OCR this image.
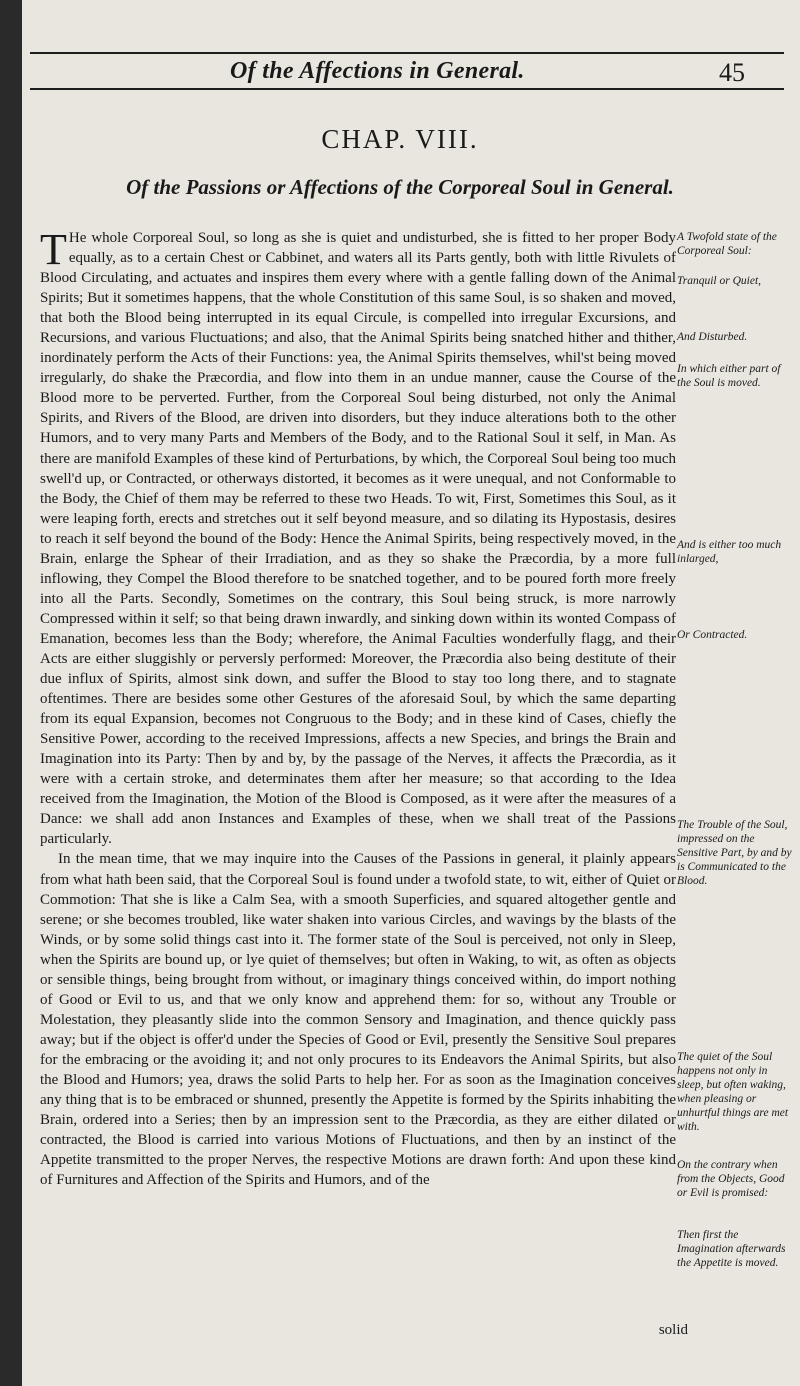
Of the Affections in General.	45
CHAP. VIII.
Of the Passions or Affections of the Corporeal Soul in General.

T He whole Corporeal Soul, so long as she is quiet and undisturbed, she is fitted to her proper Body equally, as to a certain Chest or Cabbinet, and waters all its Parts gently, both with little Rivulets of Blood Circulating, and actuates and inspires them every where with a gentle falling down of the Animal Spirits; But it sometimes happens, that the whole Constitution of this same Soul, is so shaken and moved, that both the Blood being interrupted in its equal Circule, is compelled into irregular Excursions, and Recursions, and various Fluctuations; and also, that the Animal Spirits being snatched hither and thither, inordinately perform the Acts of their Functions: yea, the Animal Spirits themselves, whil'st being moved irregularly, do shake the Præcordia, and flow into them in an undue manner, cause the Course of the Blood more to be perverted. Further, from the Corporeal Soul being disturbed, not only the Animal Spirits, and Rivers of the Blood, are driven into disorders, but they induce alterations both to the other Humors, and to very many Parts and Members of the Body, and to the Rational Soul it self, in Man. As there are manifold Examples of these kind of Perturbations, by which, the Corporeal Soul being too much swell'd up, or Contracted, or otherways distorted, it becomes as it were unequal, and not Conformable to the Body, the Chief of them may be referred to these two Heads. To wit, First, Sometimes this Soul, as it were leaping forth, erects and stretches out it self beyond measure, and so dilating its Hypostasis, desires to reach it self beyond the bound of the Body: Hence the Animal Spirits, being respectively moved, in the Brain, enlarge the Sphear of their Irradiation, and as they so shake the Præcordia, by a more full inflowing, they Compel the Blood therefore to be snatched together, and to be poured forth more freely into all the Parts. Secondly, Sometimes on the contrary, this Soul being struck, is more narrowly Compressed within it self; so that being drawn inwardly, and sinking down within its wonted Compass of Emanation, becomes less than the Body; wherefore, the Animal Faculties wonderfully flagg, and their Acts are either sluggishly or perversly performed: Moreover, the Præcordia also being destitute of their due influx of Spirits, almost sink down, and suffer the Blood to stay too long there, and to stagnate oftentimes. There are besides some other Gestures of the aforesaid Soul, by which the same departing from its equal Expansion, becomes not Congruous to the Body; and in these kind of Cases, chiefly the Sensitive Power, according to the received Impressions, affects a new Species, and brings the Brain and Imagination into its Party: Then by and by, by the passage of the Nerves, it affects the Præcordia, as it were with a certain stroke, and determinates them after her measure; so that according to the Idea received from the Imagination, the Motion of the Blood is Composed, as it were after the measures of a Dance: we shall add anon Instances and Examples of these, when we shall treat of the Passions particularly.

In the mean time, that we may inquire into the Causes of the Passions in general, it plainly appears from what hath been said, that the Corporeal Soul is found under a twofold state, to wit, either of Quiet or Commotion: That she is like a Calm Sea, with a smooth Superficies, and squared altogether gentle and serene; or she becomes troubled, like water shaken into various Circles, and wavings by the blasts of the Winds, or by some solid things cast into it. The former state of the Soul is perceived, not only in Sleep, when the Spirits are bound up, or lye quiet of themselves; but often in Waking, to wit, as often as objects or sensible things, being brought from without, or imaginary things conceived within, do import nothing of Good or Evil to us, and that we only know and apprehend them: for so, without any Trouble or Molestation, they pleasantly slide into the common Sensory and Imagination, and thence quickly pass away; but if the object is offer'd under the Species of Good or Evil, presently the Sensitive Soul prepares for the embracing or the avoiding it; and not only procures to its Endeavors the Animal Spirits, but also the Blood and Humors; yea, draws the solid Parts to help her. For as soon as the Imagination conceives any thing that is to be embraced or shunned, presently the Appetite is formed by the Spirits inhabiting the Brain, ordered into a Series; then by an impression sent to the Præcordia, as they are either dilated or contracted, the Blood is carried into various Motions of Fluctuations, and then by an instinct of the Appetite transmitted to the proper Nerves, the respective Motions are drawn forth: And upon these kind of Furnitures and Affection of the Spirits and Humors, and of the

A Twofold state of the Corporeal Soul:
Tranquil or Quiet,
And Disturbed.
In which either part of the Soul is moved.
And is either too much inlarged,
Or Contracted.
The Trouble of the Soul, impressed on the Sensitive Part, by and by is Communicated to the Blood.
The quiet of the Soul happens not only in sleep, but often waking, when pleasing or unhurtful things are met with.
On the contrary when from the Objects, Good or Evil is promised:
Then first the Imagination afterwards the Appetite is moved.
solid
